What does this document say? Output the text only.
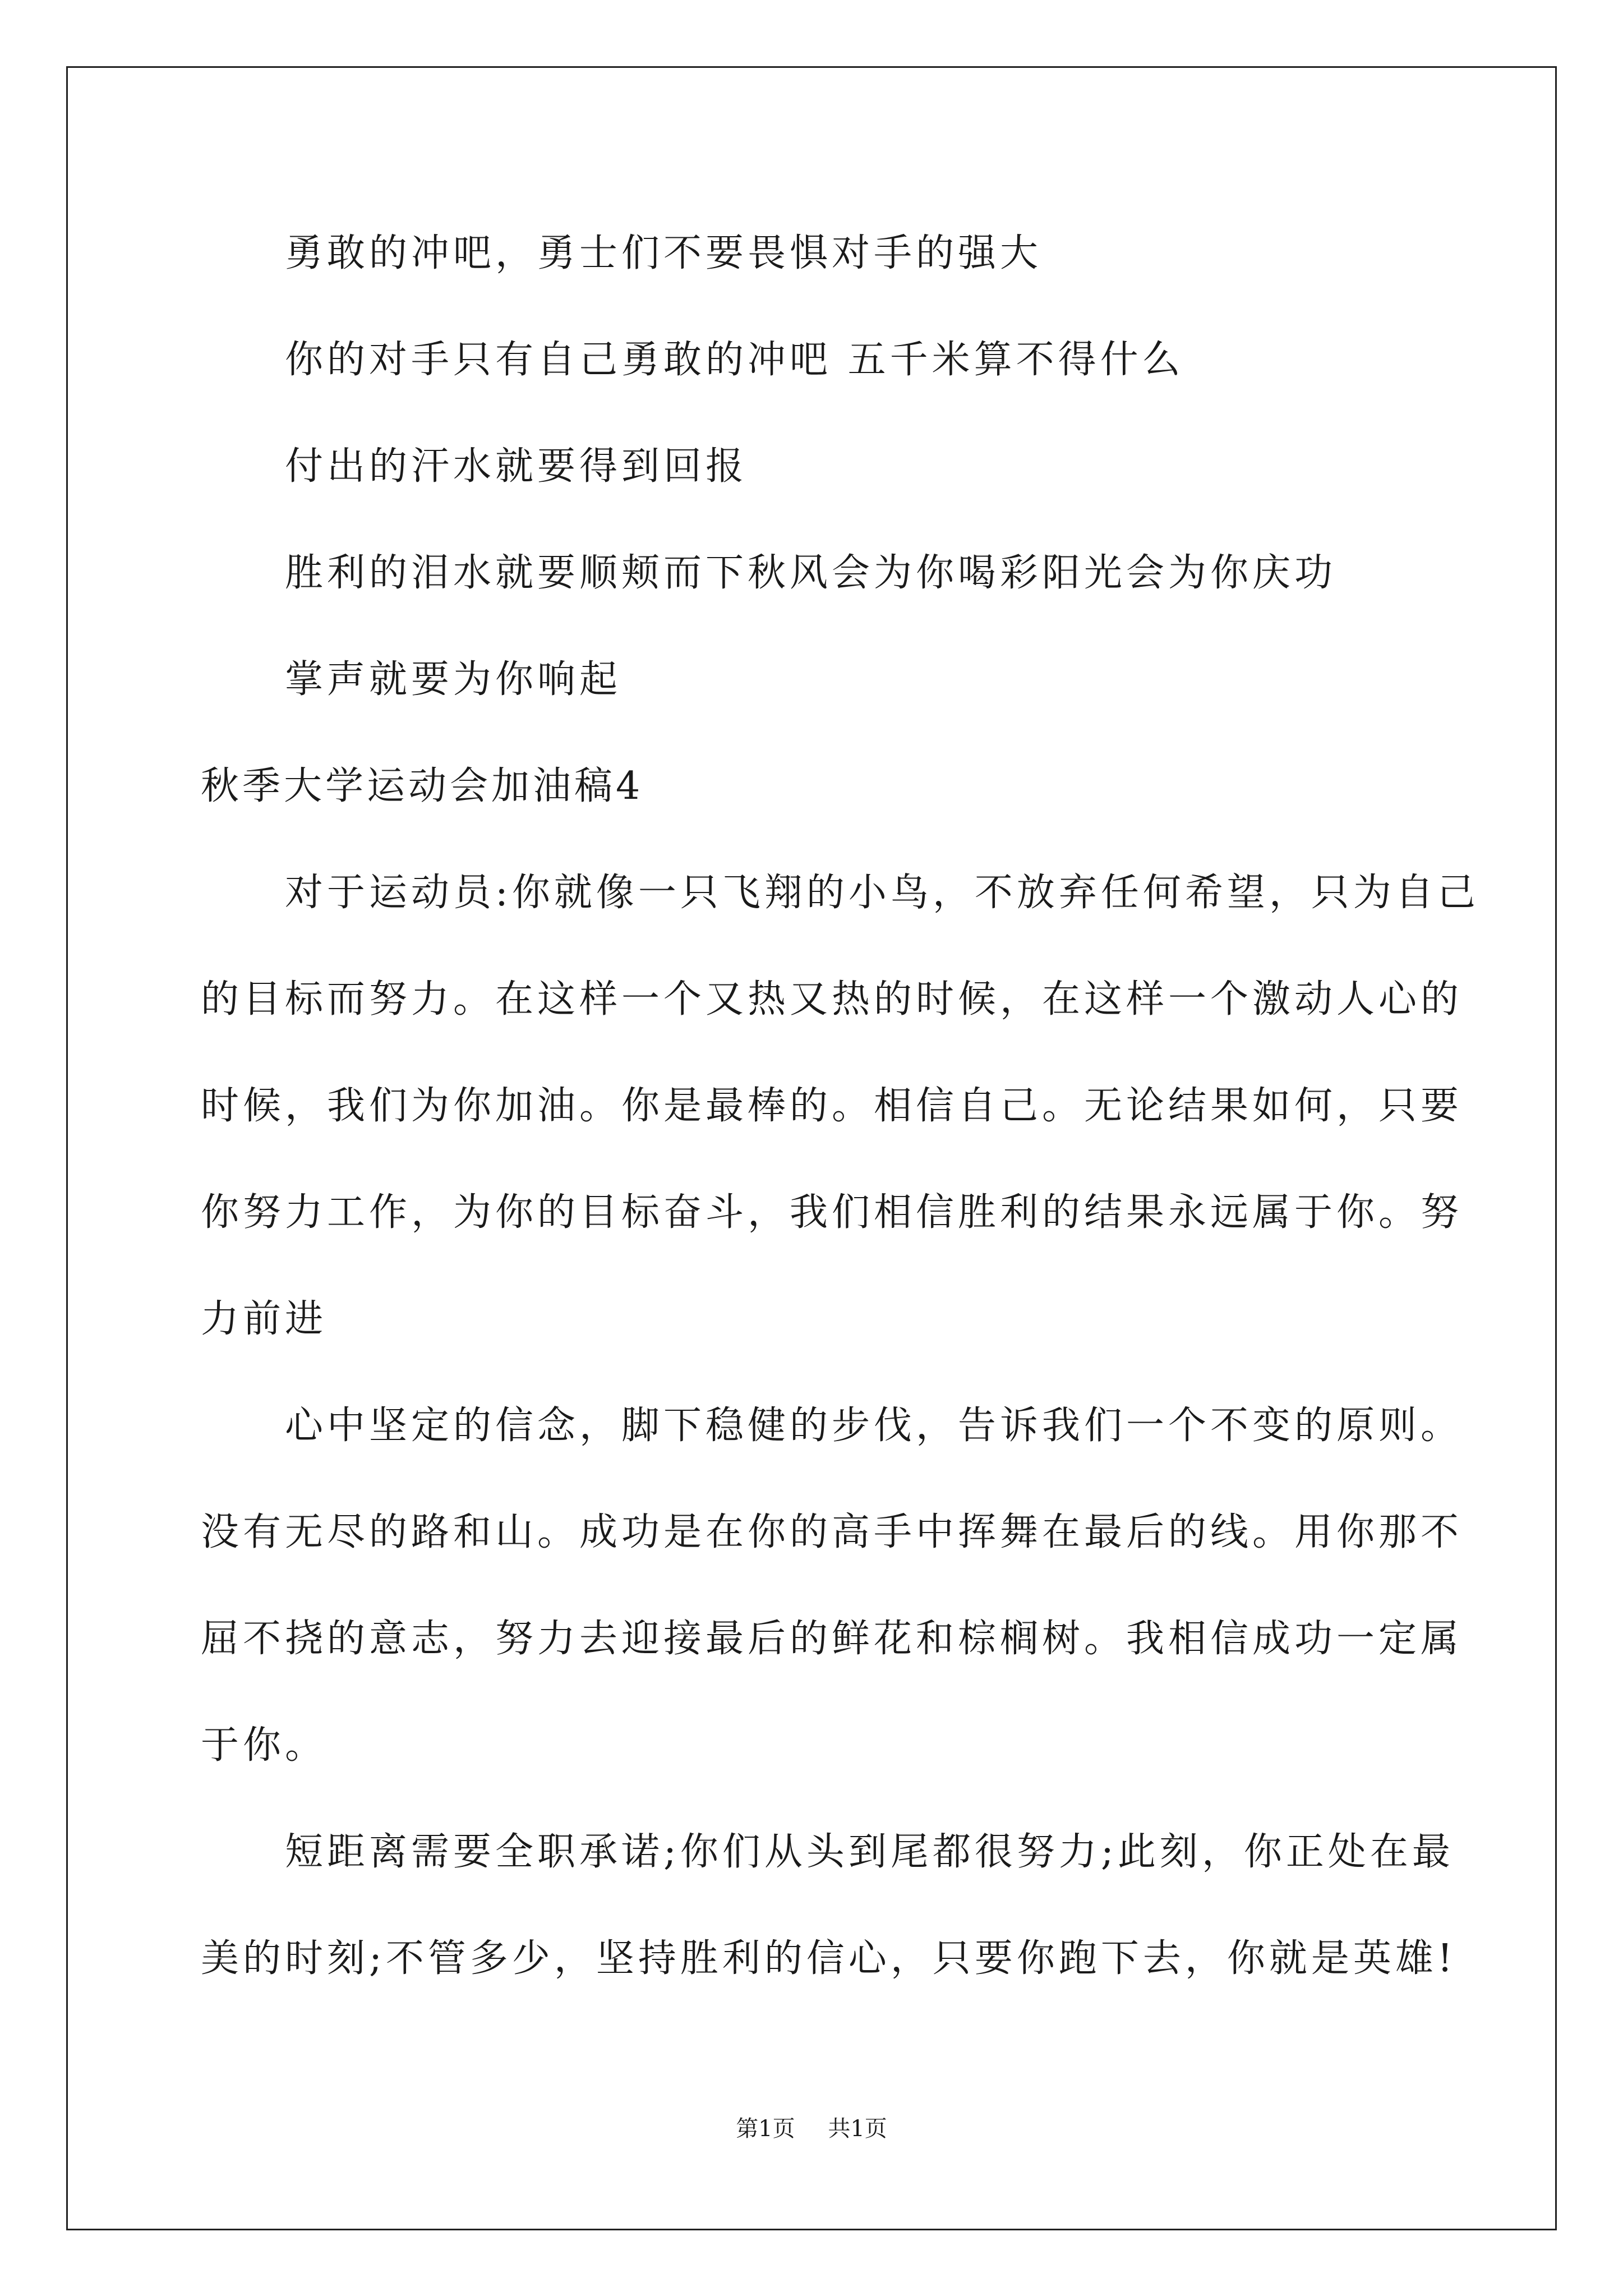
勇敢的冲吧，勇士们不要畏惧对手的强大
你的对手只有自己勇敢的冲吧 五千米算不得什么
付出的汗水就要得到回报
胜利的泪水就要顺颊而下秋风会为你喝彩阳光会为你庆功
掌声就要为你响起
秋季大学运动会加油稿4
对于运动员:你就像一只飞翔的小鸟，不放弃任何希望，只为自己
的目标而努力。在这样一个又热又热的时候，在这样一个激动人心的
时候，我们为你加油。你是最棒的。相信自己。无论结果如何，只要
你努力工作，为你的目标奋斗，我们相信胜利的结果永远属于你。努
力前进
心中坚定的信念，脚下稳健的步伐，告诉我们一个不变的原则。
没有无尽的路和山。成功是在你的高手中挥舞在最后的线。用你那不
屈不挠的意志，努力去迎接最后的鲜花和棕榈树。我相信成功一定属
于你。
短距离需要全职承诺;你们从头到尾都很努力;此刻，你正处在最
美的时刻;不管多少，坚持胜利的信心，只要你跑下去，你就是英雄!
第1页 共1页
